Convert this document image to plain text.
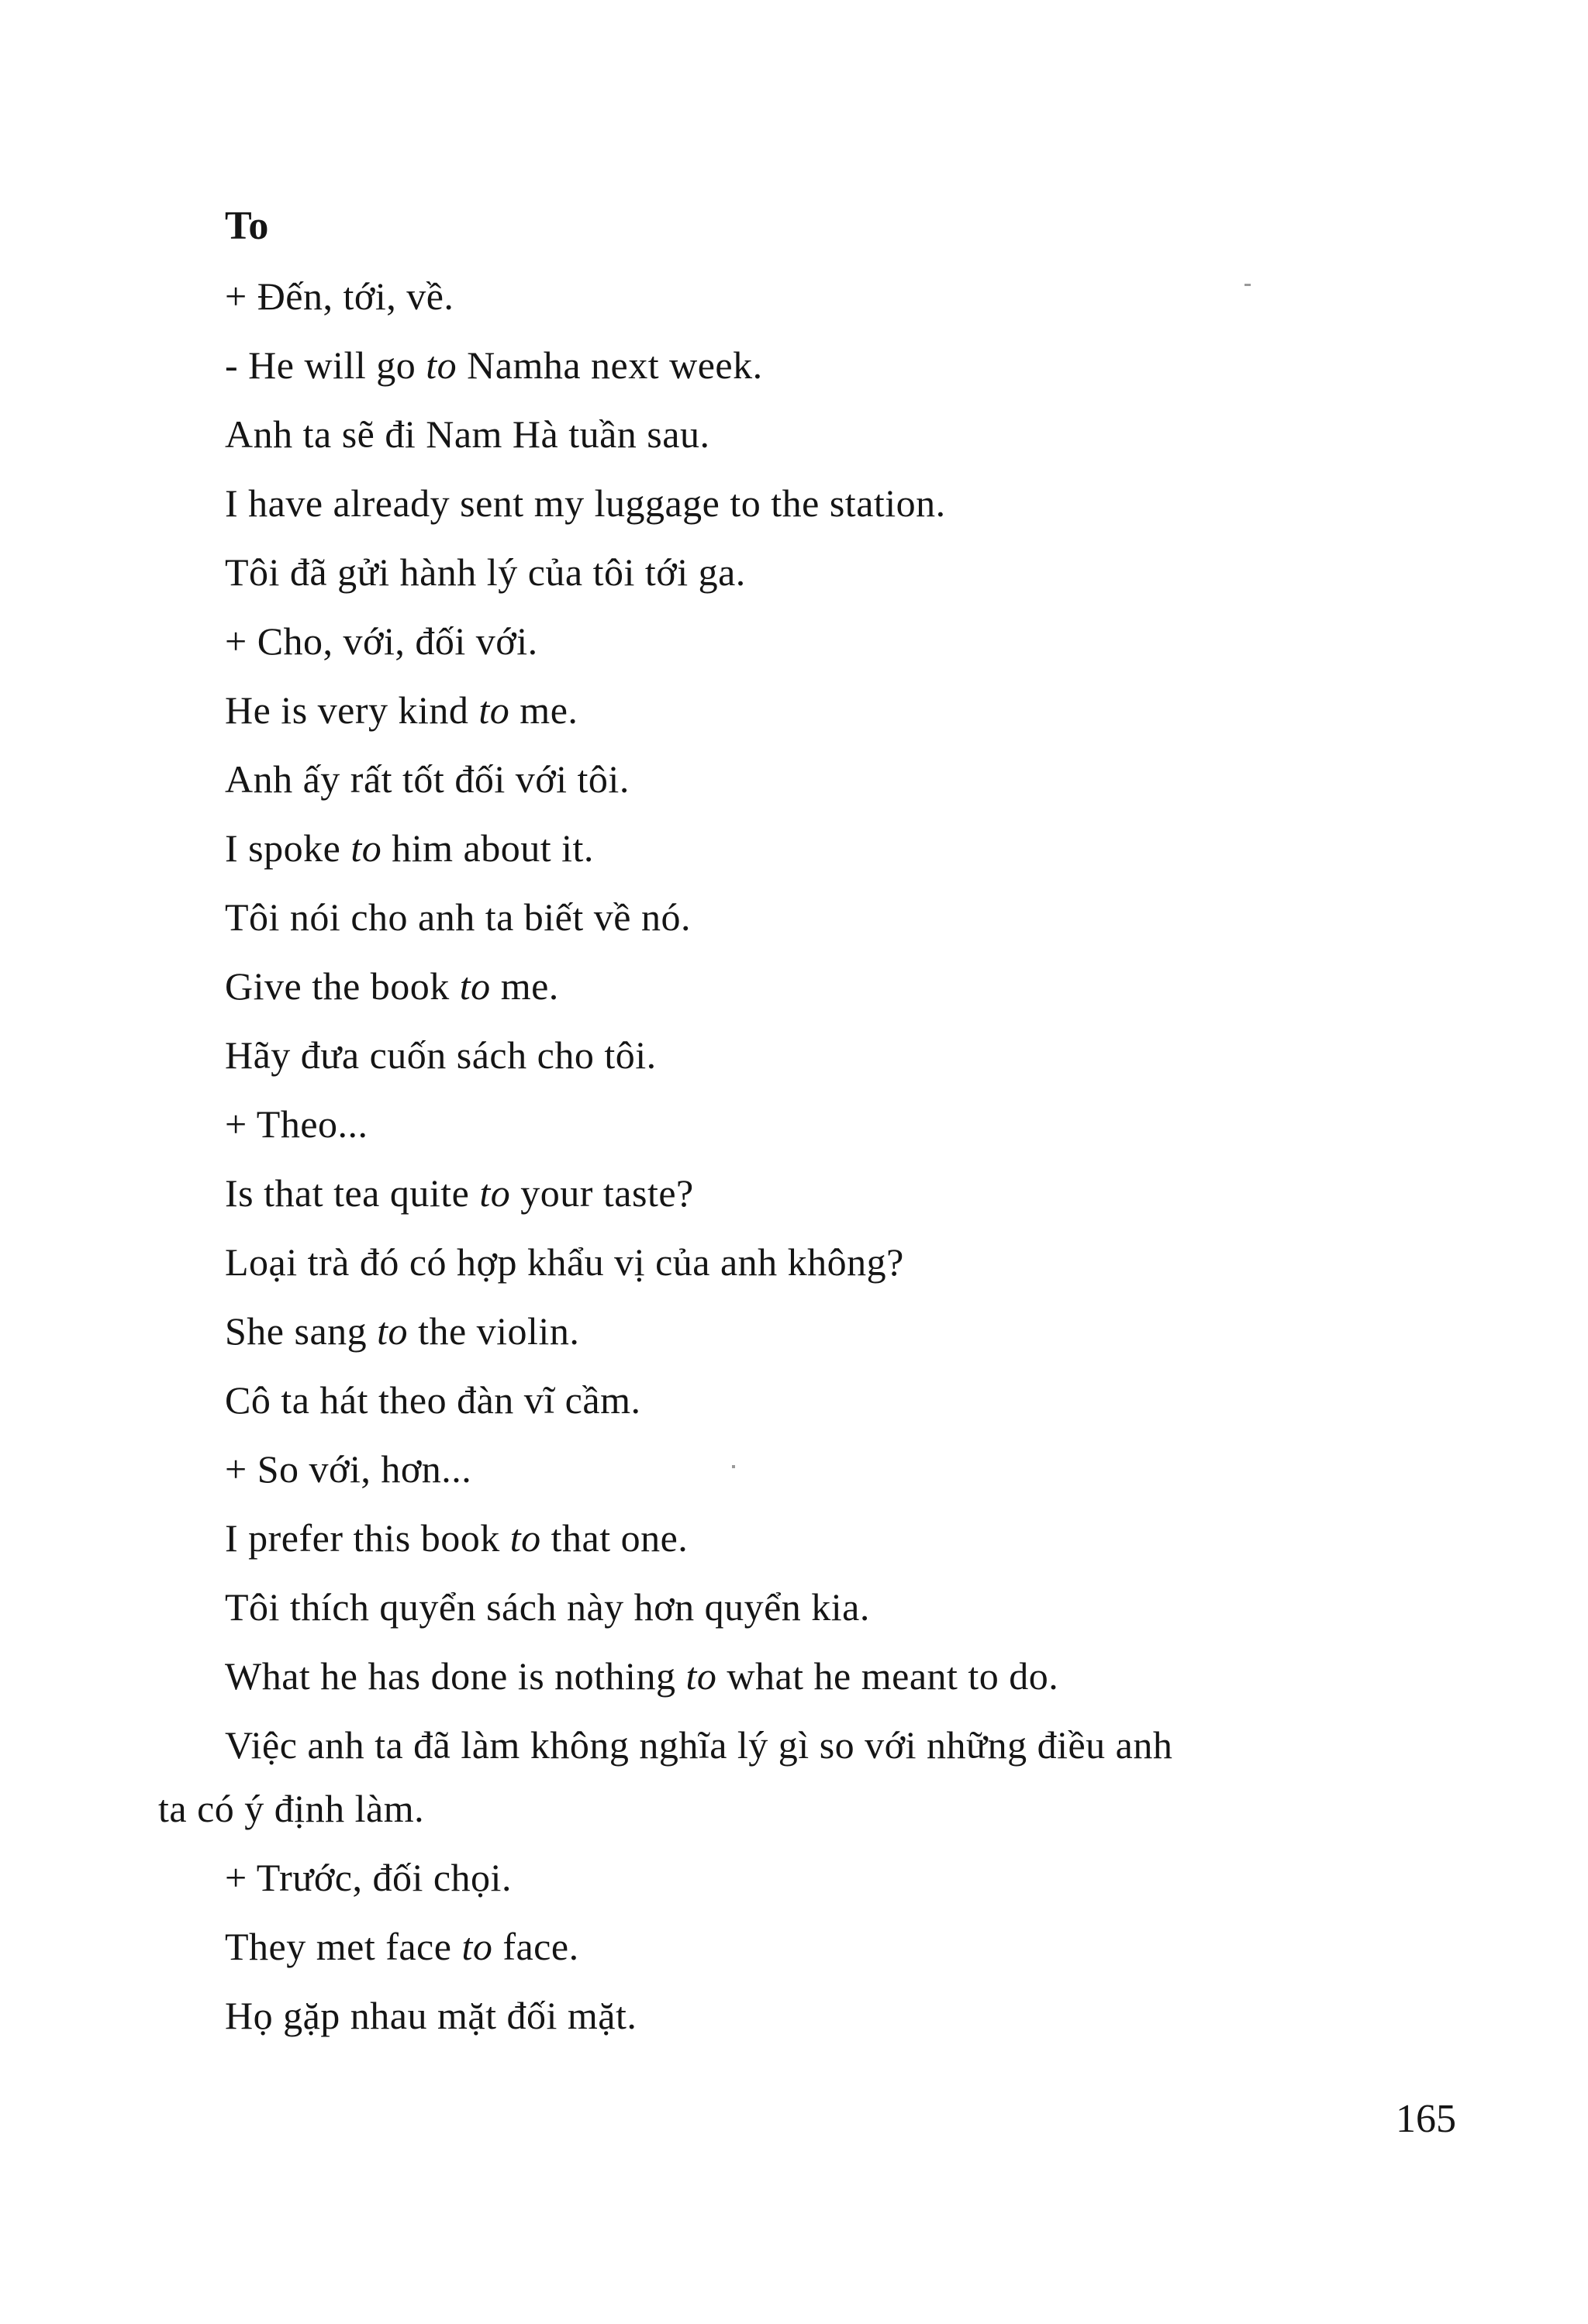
To
+ Đến, tới, về.
- He will go to Namha next week.
Anh ta sẽ đi Nam Hà tuần sau.
I have already sent my luggage to the station.
Tôi đã gửi hành lý của tôi tới ga.
+ Cho, với, đối với.
He is very kind to me.
Anh ấy rất tốt đối với tôi.
I spoke to him about it.
Tôi nói cho anh ta biết về nó.
Give the book to me.
Hãy đưa cuốn sách cho tôi.
+ Theo...
Is that tea quite to your taste?
Loại trà đó có hợp khẩu vị của anh không?
She sang to the violin.
Cô ta hát theo đàn vĩ cầm.
+ So với, hơn...
I prefer this book to that one.
Tôi thích quyển sách này hơn quyển kia.
What he has done is nothing to what he meant to do.
Việc anh ta đã làm không nghĩa lý gì so với những điều anh
ta có ý định làm.
+ Trước, đối chọi.
They met face to face.
Họ gặp nhau mặt đối mặt.
165
